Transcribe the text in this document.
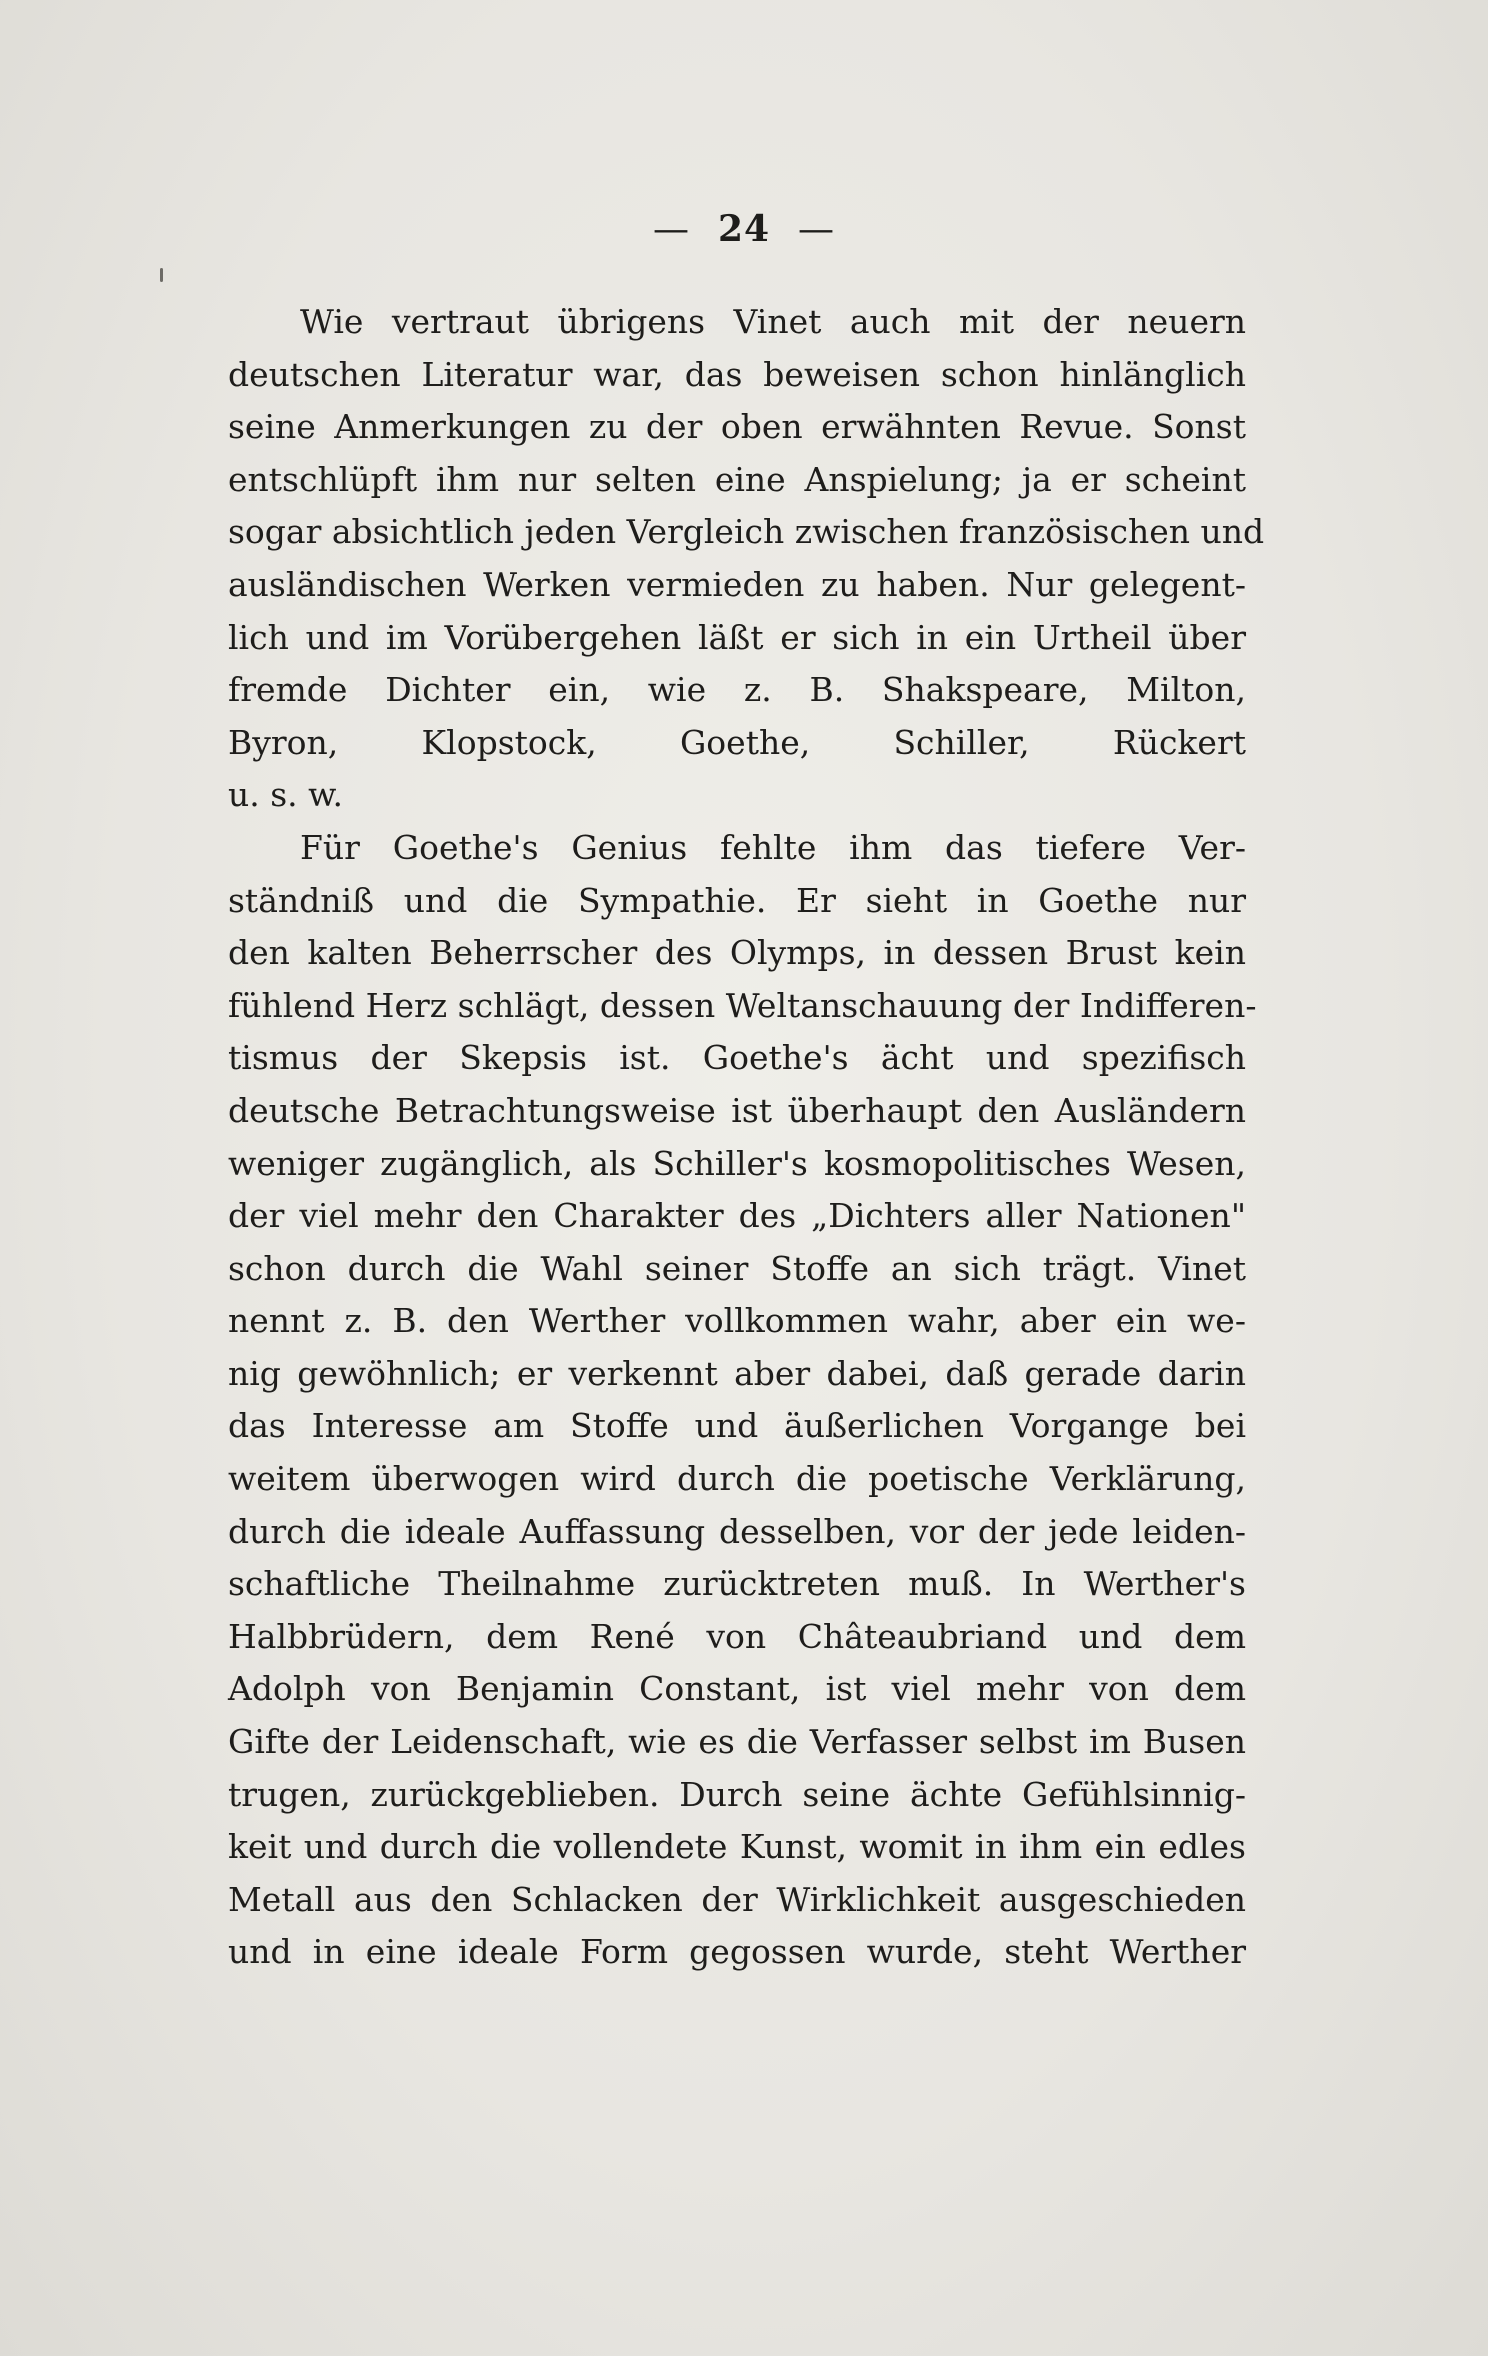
— 24 —
Wie vertraut übrigens Vinet auch mit der neuern
deutschen Literatur war, das beweisen schon hinlänglich
seine Anmerkungen zu der oben erwähnten Revue. Sonst
entschlüpft ihm nur selten eine Anspielung; ja er scheint
sogar absichtlich jeden Vergleich zwischen französischen und
ausländischen Werken vermieden zu haben. Nur gelegent-
lich und im Vorübergehen läßt er sich in ein Urtheil über
fremde Dichter ein, wie z. B. Shakspeare, Milton,
Byron, Klopstock, Goethe, Schiller, Rückert
u. s. w.
Für Goethe's Genius fehlte ihm das tiefere Ver-
ständniß und die Sympathie. Er sieht in Goethe nur
den kalten Beherrscher des Olymps, in dessen Brust kein
fühlend Herz schlägt, dessen Weltanschauung der Indifferen-
tismus der Skepsis ist. Goethe's ächt und spezifisch
deutsche Betrachtungsweise ist überhaupt den Ausländern
weniger zugänglich, als Schiller's kosmopolitisches Wesen,
der viel mehr den Charakter des „Dichters aller Nationen"
schon durch die Wahl seiner Stoffe an sich trägt. Vinet
nennt z. B. den Werther vollkommen wahr, aber ein we-
nig gewöhnlich; er verkennt aber dabei, daß gerade darin
das Interesse am Stoffe und äußerlichen Vorgange bei
weitem überwogen wird durch die poetische Verklärung,
durch die ideale Auffassung desselben, vor der jede leiden-
schaftliche Theilnahme zurücktreten muß. In Werther's
Halbbrüdern, dem René von Châteaubriand und dem
Adolph von Benjamin Constant, ist viel mehr von dem
Gifte der Leidenschaft, wie es die Verfasser selbst im Busen
trugen, zurückgeblieben. Durch seine ächte Gefühlsinnig-
keit und durch die vollendete Kunst, womit in ihm ein edles
Metall aus den Schlacken der Wirklichkeit ausgeschieden
und in eine ideale Form gegossen wurde, steht Werther
